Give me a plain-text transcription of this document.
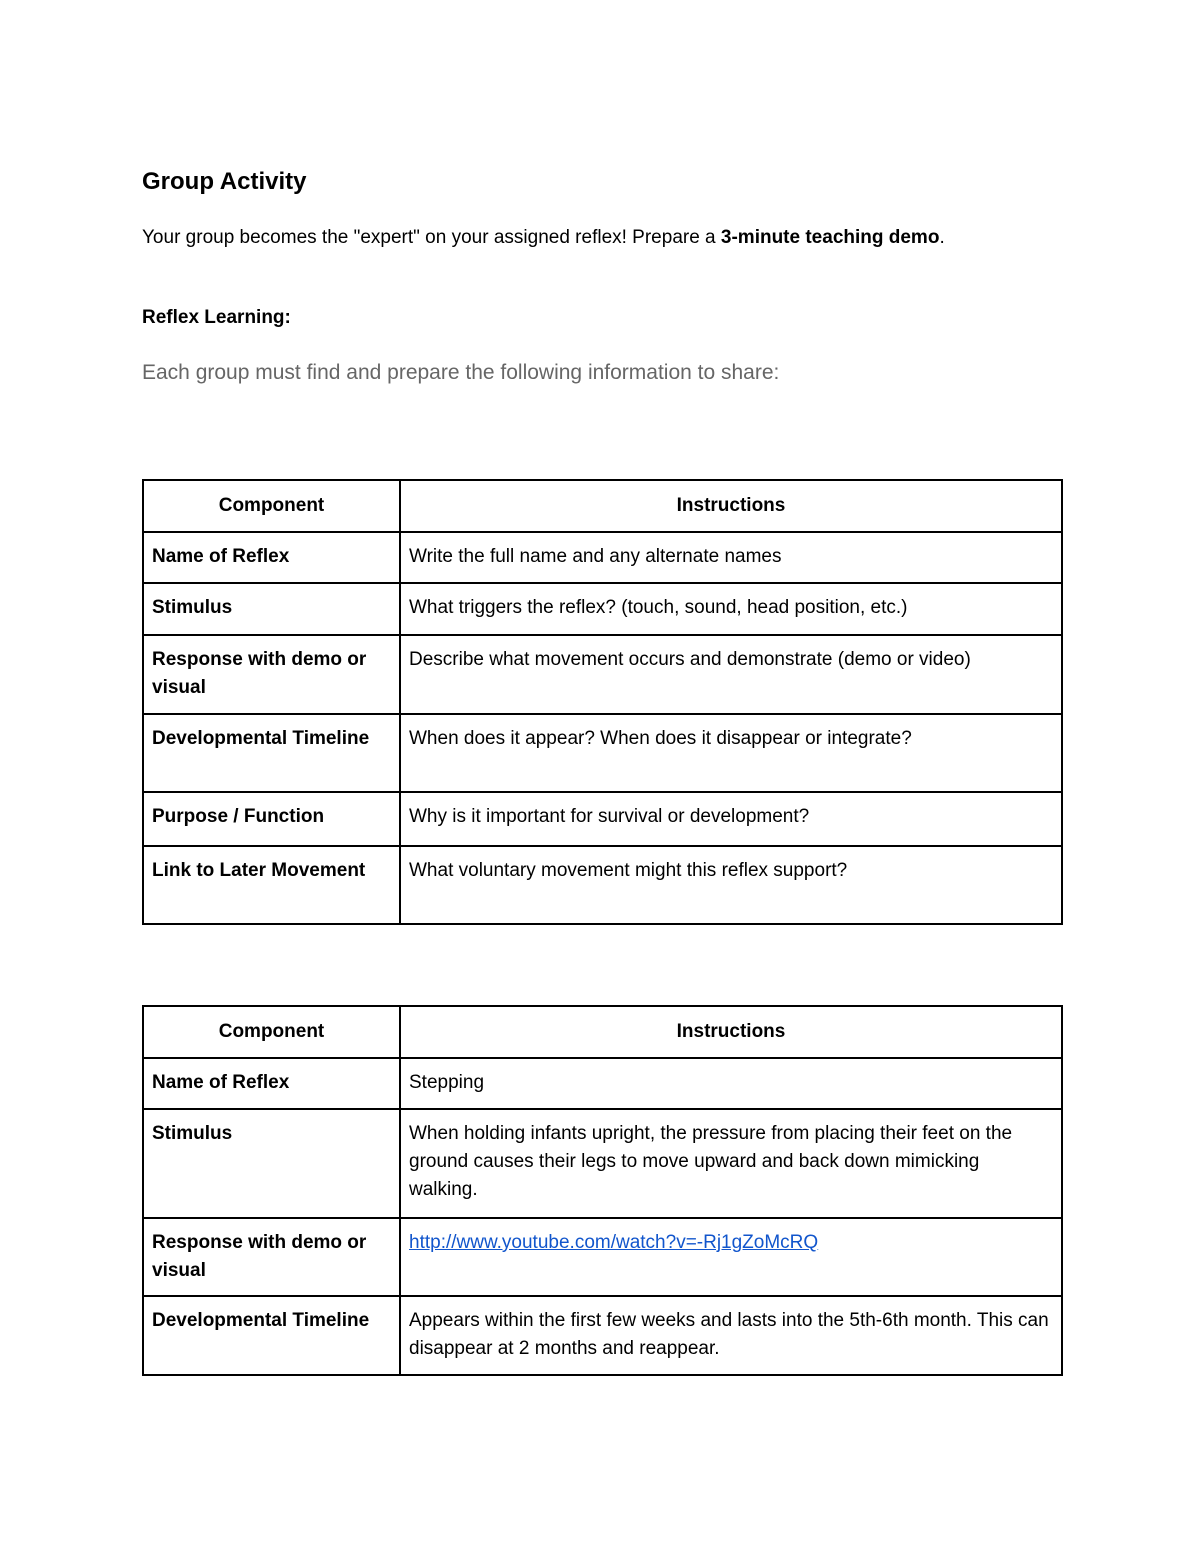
Group Activity

Your group becomes the "expert" on your assigned reflex! Prepare a 3-minute teaching demo.

Reflex Learning:

Each group must find and prepare the following information to share:

Component	Instructions
Name of Reflex	Write the full name and any alternate names
Stimulus	What triggers the reflex? (touch, sound, head position, etc.)
Response with demo or visual	Describe what movement occurs and demonstrate (demo or video)
Developmental Timeline	When does it appear? When does it disappear or integrate?
Purpose / Function	Why is it important for survival or development?
Link to Later Movement	What voluntary movement might this reflex support?
Component	Instructions
Name of Reflex	Stepping
Stimulus	When holding infants upright, the pressure from placing their feet on the ground causes their legs to move upward and back down mimicking walking.
Response with demo or visual	http://www.youtube.com/watch?v=-Rj1gZoMcRQ
Developmental Timeline	Appears within the first few weeks and lasts into the 5th-6th month. This can disappear at 2 months and reappear.
